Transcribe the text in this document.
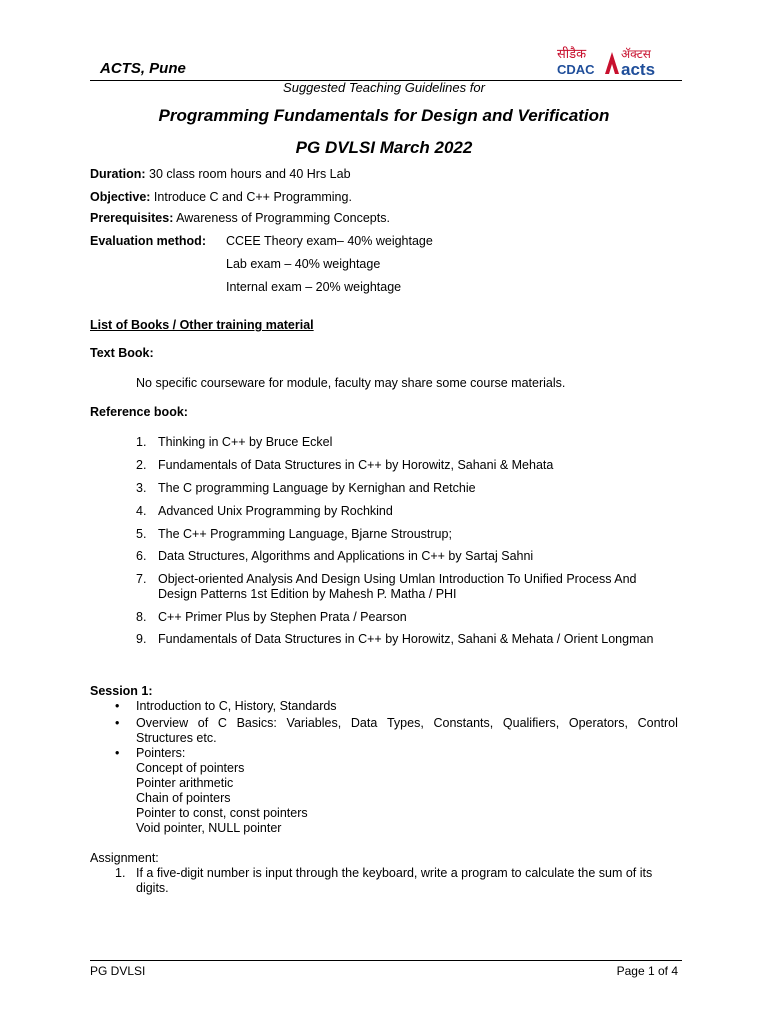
ACTS, Pune
सीडैक
CDAC
ॲक्टस
acts
Suggested Teaching Guidelines for
Programming Fundamentals for Design and Verification
PG DVLSI March 2022
Duration: 30 class room hours and 40 Hrs Lab
Objective: Introduce C and C++ Programming.
Prerequisites: Awareness of Programming Concepts.
Evaluation method: CCEE Theory exam– 40% weightage
Lab exam – 40% weightage
Internal exam – 20% weightage
List of Books / Other training material
Text Book:
No specific courseware for module, faculty may share some course materials.
Reference book:
1. Thinking in C++ by Bruce Eckel
2. Fundamentals of Data Structures in C++ by Horowitz, Sahani & Mehata
3. The C programming Language by Kernighan and Retchie
4. Advanced Unix Programming by Rochkind
5. The C++ Programming Language, Bjarne Stroustrup;
6. Data Structures, Algorithms and Applications in C++ by Sartaj Sahni
7. Object-oriented Analysis And Design Using Umlan Introduction To Unified Process And
Design Patterns 1st Edition by Mahesh P. Matha / PHI
8. C++ Primer Plus by Stephen Prata / Pearson
9. Fundamentals of Data Structures in C++ by Horowitz, Sahani & Mehata / Orient Longman
Session 1:
• Introduction to C, History, Standards
• Overview of C Basics: Variables, Data Types, Constants, Qualifiers, Operators, Control
Structures etc.
• Pointers:
Concept of pointers
Pointer arithmetic
Chain of pointers
Pointer to const, const pointers
Void pointer, NULL pointer
Assignment:
1. If a five-digit number is input through the keyboard, write a program to calculate the sum of its
digits.
PG DVLSI	Page 1 of 4
